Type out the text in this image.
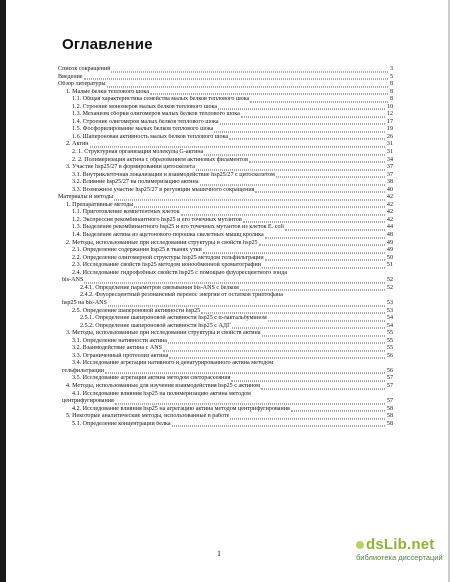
Оглавление
Список сокращений	3
Введение	5
Обзор литературы	8
1. Малые белки теплового шока	8
1.1. Общая характеристика семейства малых белков теплового шока	8
1.2. Строение мономеров малых белков теплового шока	10
1.3. Механизм сборки олигомеров малых белков теплового шока	12
1.4. Строение олигомеров малых белков теплового шока	17
1.5. Фосфорилирование малых белков теплового шока	19
1.6. Шапероновая активность малых белков теплового шока	26
2. Актин	31
2. 1. Структурная организация молекулы G-актина	31
2. 2. Полимеризация актина с образованием актиновых филаментов	34
3. Участие hsp25/27 в формировании цитоскелета	37
3.1. Внутриклеточная локализация и взаимодействие hsp25/27 с цитоскелетом	37
3.2. Влияние hsp25/27 на полимеризацию актина	38
3.3. Возможное участие hsp25/27 в регуляции мышечного сокращения	40
Материалы и методы	42
1. Препаративные методы	42
1.1. Приготовление компетентных клеток	42
1.2. Экспрессия рекомбинантного hsp25 и его точечных мутантов	42
1.3. Выделение рекомбинантного hsp25 и его точечных мутантов из клеток E. coli	44
1.4. Выделение актина из ацетонового порошка скелетных мышц кролика	48
2. Методы, использованные при исследовании структуры и свойств hsp25	49
2.1. Определение содержания hsp25 в тканях утки	49
2.2. Определение олигомерной структуры hsp25 методом гельфильтрации	50
2.3. Исследование свойств hsp25 методом ионообменной хроматографии	51
2.4. Исследование гидрофобных свойств hsp25 с помощью флуоресцентного зонда
bis-ANS	52
2.4.1. Определение параметров связывания bis-ANS с белком	52
2.4.2. Флуоресцентный резонансный перенос энергии от остатков триптофана
hsp25 на bis-ANS	53
2.5. Определение шапероновой активности hsp25	53
2.5.1. Определение шапероновой активности hsp25 с α-лактальбумином	54
2.5.2. Определение шапероновой активности hsp25 с АДГ	54
3. Методы, использованные при исследовании структуры и свойств актина	55
3.1. Определение нативности актина	55
3.2. Взаимодействие актина с ANS	55
3.3. Ограниченный протеолиз актина	56
3.4. Исследование агрегации нативного и денатурированного актина методом
гельфильтрации	56
3.5. Исследование агрегации актина методом светорассеяния	57
4. Методы, использованные для изучения взаимодействия hsp25 с актином	57
4.1. Исследование влияния hsp25 на полимеризацию актина методом
центрифугирования	57
4.2. Исследование влияния hsp25 на агрегацию актина методом центрифугирования	58
5. Некоторые аналитические методы, использованные в работе	58
5.1. Определение концентрации белка	58
1
dsLib.net
библиотека диссертаций
